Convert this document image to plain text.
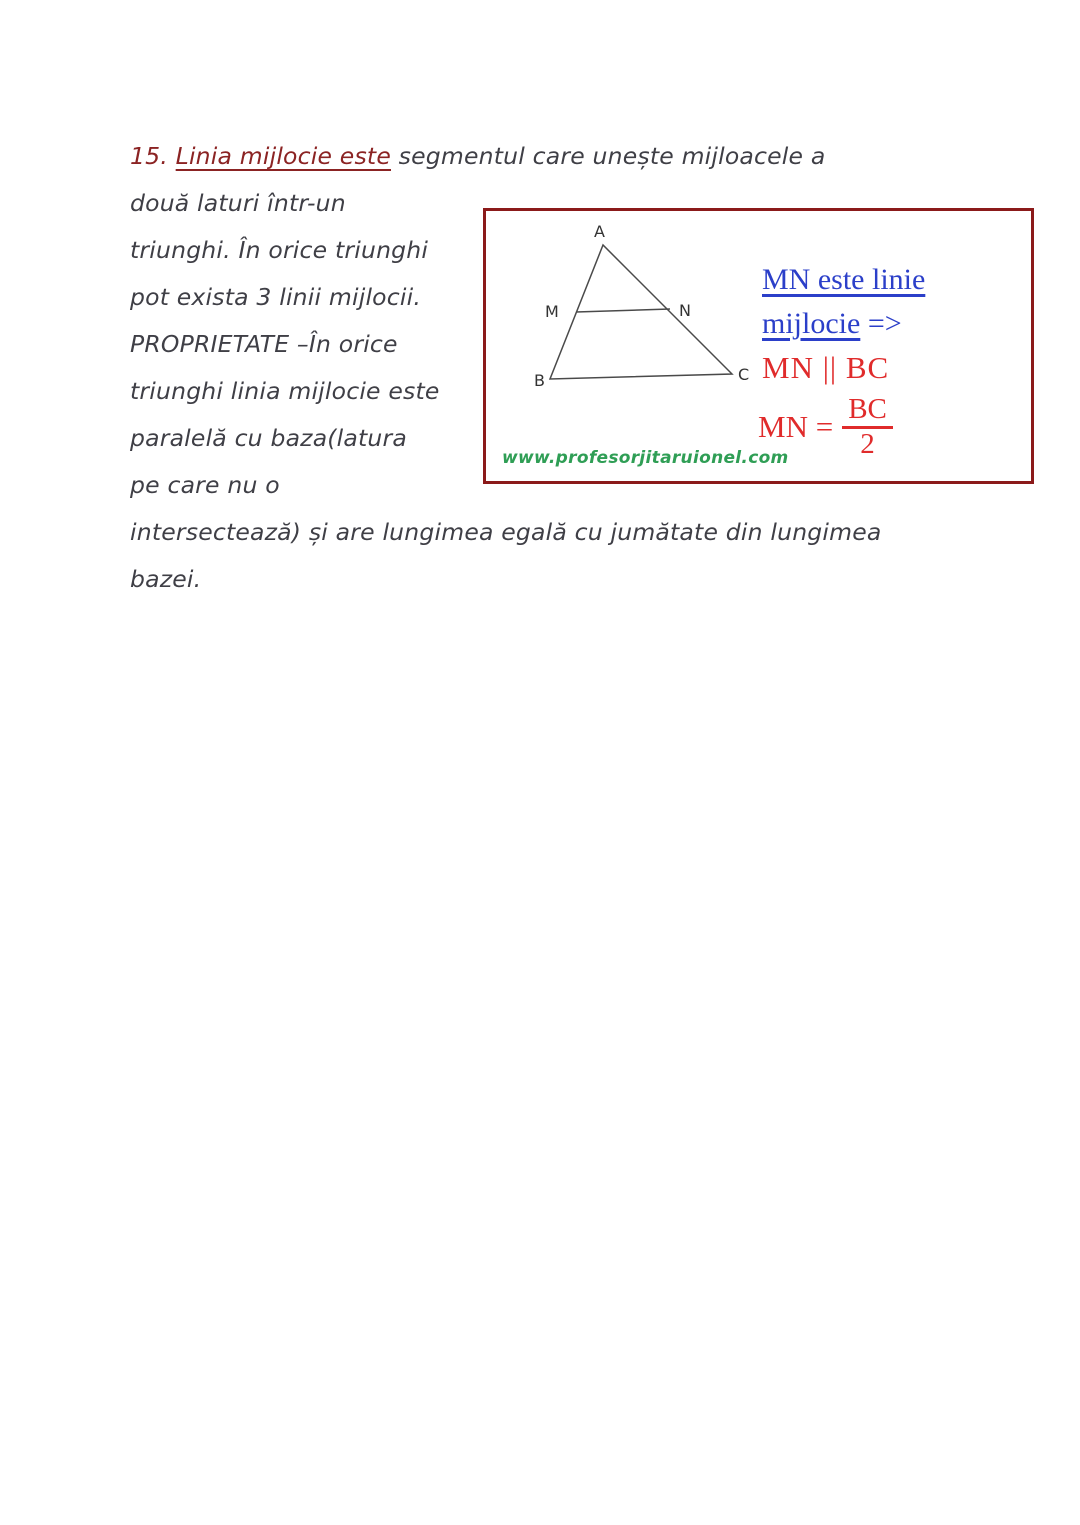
15. Linia mijlocie este segmentul care unește mijloacele a
două laturi într-un
triunghi. În orice triunghi
pot exista 3 linii mijlocii.
PROPRIETATE –În orice
triunghi linia mijlocie este
paralelă cu baza(latura
pe care nu o
intersectează) și are lungimea egală cu jumătate din lungimea
bazei.
A
B	C
M	N
MN este linie
mijlocie =>
MN || BC
MN = $\frac{BC}{2}$
www.profesorjitaruionel.com
